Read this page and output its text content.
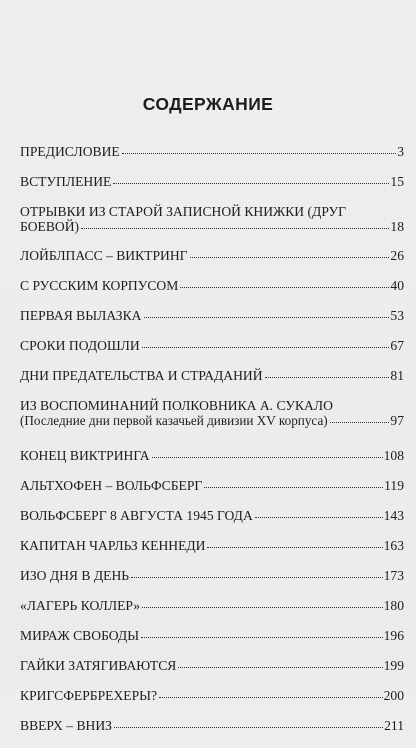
СОДЕРЖАНИЕ
ПРЕДИСЛОВИЕ	3
ВСТУПЛЕНИЕ	15
ОТРЫВКИ ИЗ СТАРОЙ ЗАПИСНОЙ КНИЖКИ (ДРУГ
БОЕВОЙ)	18
ЛОЙБЛПАСС – ВИКТРИНГ	26
С РУССКИМ КОРПУСОМ	40
ПЕРВАЯ ВЫЛАЗКА	53
СРОКИ ПОДОШЛИ	67
ДНИ ПРЕДАТЕЛЬСТВА И СТРАДАНИЙ	81
ИЗ ВОСПОМИНАНИЙ ПОЛКОВНИКА А. СУКАЛО
(Последние дни первой казачьей дивизии XV корпуса)	97
КОНЕЦ ВИКТРИНГА	108
АЛЬТХОФЕН – ВОЛЬФСБЕРГ	119
ВОЛЬФСБЕРГ 8 АВГУСТА 1945 ГОДА	143
КАПИТАН ЧАРЛЬЗ КЕННЕДИ	163
ИЗО ДНЯ В ДЕНЬ	173
«ЛАГЕРЬ КОЛЛЕР»	180
МИРАЖ СВОБОДЫ	196
ГАЙКИ ЗАТЯГИВАЮТСЯ	199
КРИГСФЕРБРЕХЕРЫ?	200
ВВЕРХ – ВНИЗ	211
